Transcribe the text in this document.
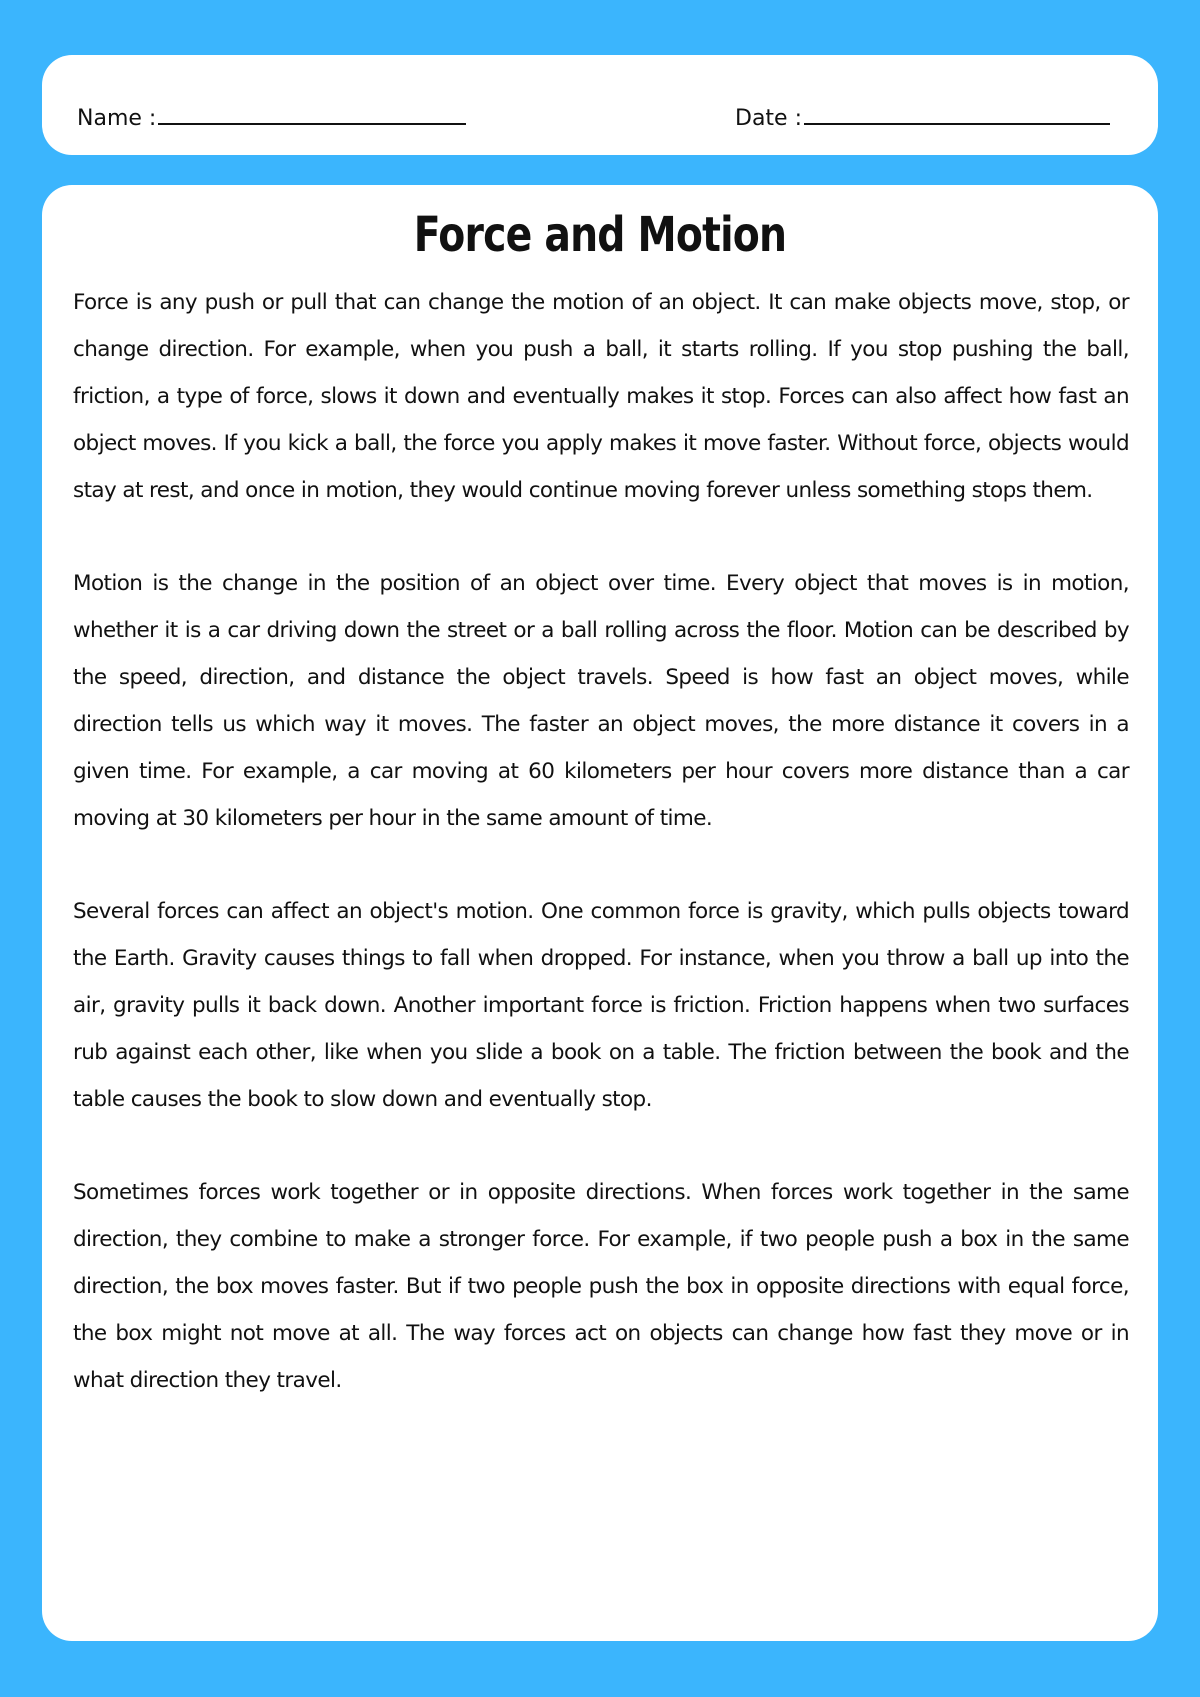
Name :	Date :
Force and Motion

Force is any push or pull that can change the motion of an object. It can make objects move, stop, or change direction. For example, when you push a ball, it starts rolling. If you stop pushing the ball, friction, a type of force, slows it down and eventually makes it stop. Forces can also affect how fast an object moves. If you kick a ball, the force you apply makes it move faster. Without force, objects would stay at rest, and once in motion, they would continue moving forever unless something stops them.

Motion is the change in the position of an object over time. Every object that moves is in motion, whether it is a car driving down the street or a ball rolling across the floor. Motion can be described by the speed, direction, and distance the object travels. Speed is how fast an object moves, while direction tells us which way it moves. The faster an object moves, the more distance it covers in a given time. For example, a car moving at 60 kilometers per hour covers more distance than a car moving at 30 kilometers per hour in the same amount of time.

Several forces can affect an object's motion. One common force is gravity, which pulls objects toward the Earth. Gravity causes things to fall when dropped. For instance, when you throw a ball up into the air, gravity pulls it back down. Another important force is friction. Friction happens when two surfaces rub against each other, like when you slide a book on a table. The friction between the book and the table causes the book to slow down and eventually stop.

Sometimes forces work together or in opposite directions. When forces work together in the same direction, they combine to make a stronger force. For example, if two people push a box in the same direction, the box moves faster. But if two people push the box in opposite directions with equal force, the box might not move at all. The way forces act on objects can change how fast they move or in what direction they travel.
